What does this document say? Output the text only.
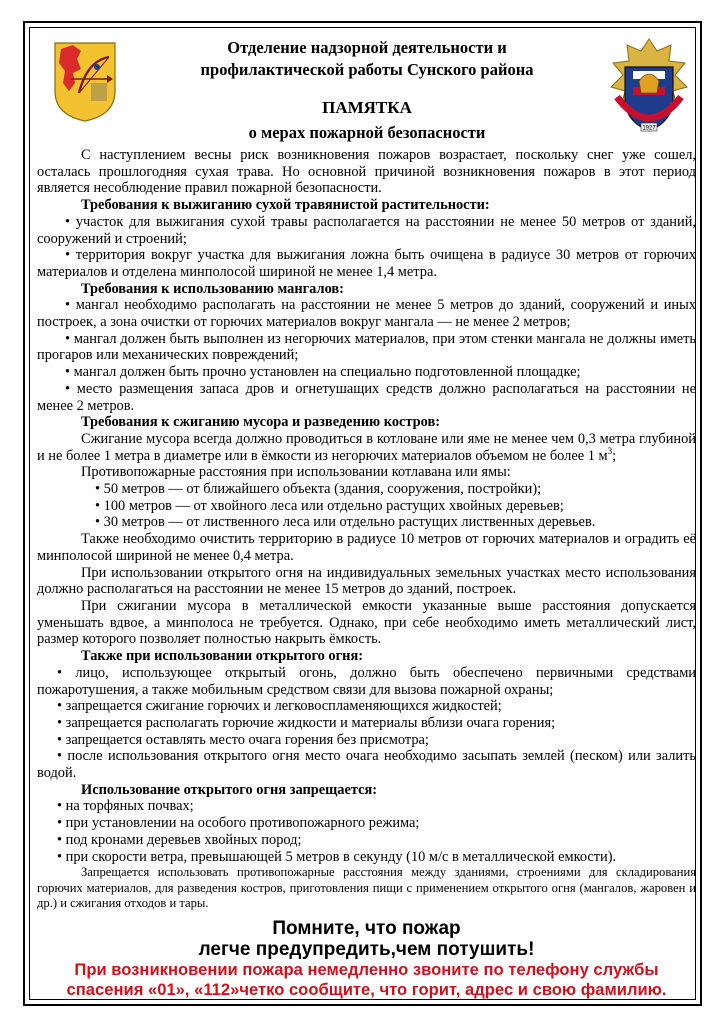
Отделение надзорной деятельности и
профилактической работы Сунского района
ПАМЯТКА
о мерах пожарной безопасности	1927

С наступлением весны риск возникновения пожаров возрастает, поскольку снег уже сошел, осталась прошлогодняя сухая трава. Но основной причиной возникновения пожаров в этот период является несоблюдение правил пожарной безопасности.

Требования к выжиганию сухой травянистой растительности:

• участок для выжигания сухой травы располагается на расстоянии не менее 50 метров от зданий, сооружений и строений;

• территория вокруг участка для выжигания ложна быть очищена в радиусе 30 метров от горючих материалов и отделена минполосой шириной не менее 1,4 метра.

Требования к использованию мангалов:

• мангал необходимо располагать на расстоянии не менее 5 метров до зданий, сооружений и иных построек, а зона очистки от горючих материалов вокруг мангала — не менее 2 метров;

• мангал должен быть выполнен из негорючих материалов, при этом стенки мангала не должны иметь прогаров или механических повреждений;

• мангал должен быть прочно установлен на специально подготовленной площадке;

• место размещения запаса дров и огнетушащих средств должно располагаться на расстоянии не менее 2 метров.

Требования к сжиганию мусора и разведению костров:

Сжигание мусора всегда должно проводиться в котловане или яме не менее чем 0,3 метра глубиной и не более 1 метра в диаметре или в ёмкости из негорючих материалов объемом не более 1 $м^3$;

Противопожарные расстояния при использовании котлавана или ямы:

• 50 метров — от ближайшего объекта (здания, сооружения, постройки);

• 100 метров — от хвойного леса или отдельно растущих хвойных деревьев;

• 30 метров — от лиственного леса или отдельно растущих лиственных деревьев.

Также необходимо очистить территорию в радиусе 10 метров от горючих материалов и оградить её минполосой шириной не менее 0,4 метра.

При использовании открытого огня на индивидуальных земельных участках место использования должно располагаться на расстоянии не менее 15 метров до зданий, построек.

При сжигании мусора в металлической емкости указанные выше расстояния допускается уменьшать вдвое, а минполоса не требуется. Однако, при себе необходимо иметь металлический лист, размер которого позволяет полностью накрыть ёмкость.

Также при использовании открытого огня:

• лицо, использующее открытый огонь, должно быть обеспечено первичными средствами пожаротушения, а также мобильным средством связи для вызова пожарной охраны;

• запрещается сжигание горючих и легковоспламеняющихся жидкостей;

• запрещается располагать горючие жидкости и материалы вблизи очага горения;

• запрещается оставлять место очага горения без присмотра;

• после использования открытого огня место очага необходимо засыпать землей (песком) или залить водой.

Использование открытого огня запрещается:

• на торфяных почвах;

• при установлении на особого противопожарного режима;

• под кронами деревьев хвойных пород;

• при скорости ветра, превышающей 5 метров в секунду (10 м/с в металлической емкости).

Запрещается использовать противопожарные расстояния между зданиями, строениями для складирования горючих материалов, для разведения костров, приготовления пищи с применением открытого огня (мангалов, жаровен и др.) и сжигания отходов и тары.

Помните, что пожар
легче предупредить,чем потушить!
При возникновении пожара немедленно звоните по телефону службы
спасения «01», «112»четко сообщите, что горит, адрес и свою фамилию.
